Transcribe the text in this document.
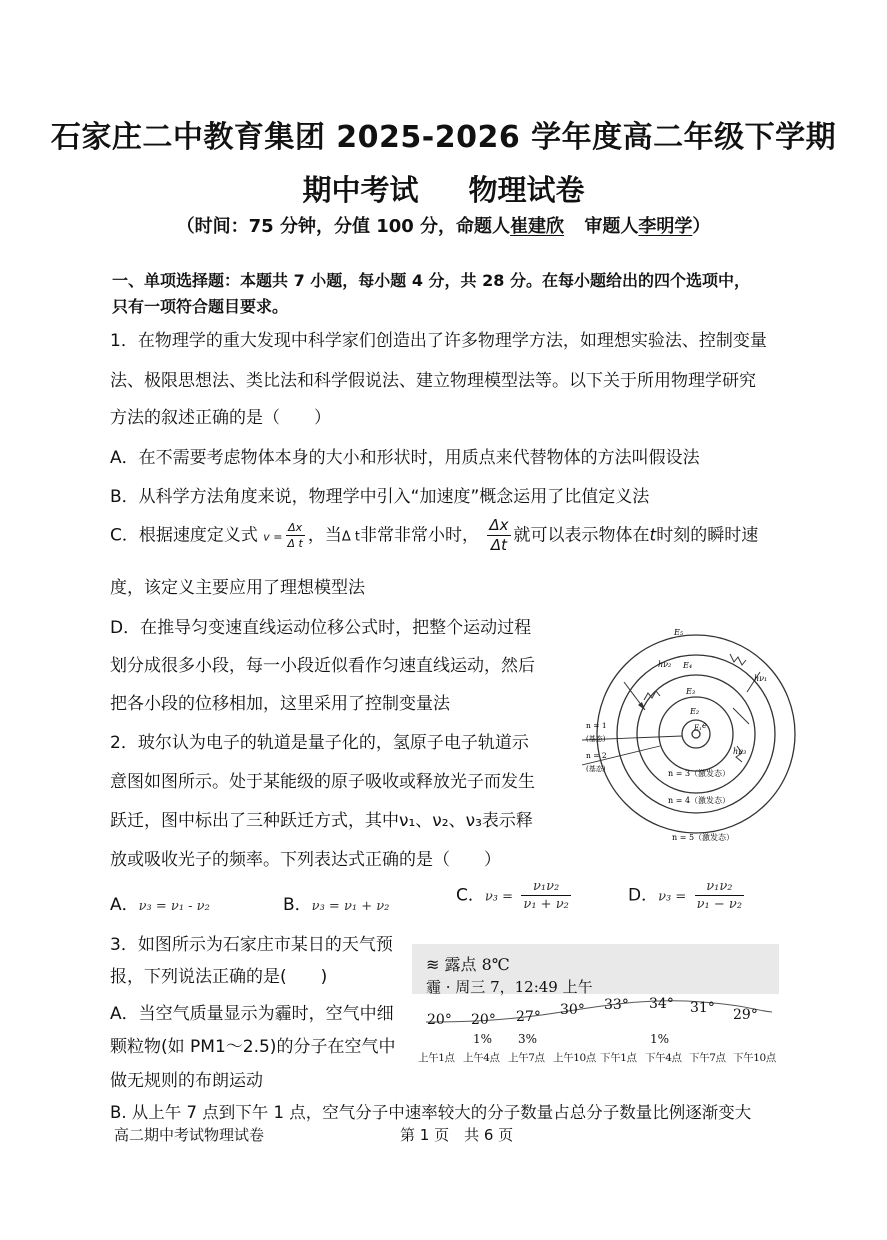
石家庄二中教育集团 2025-2026 学年度高二年级下学期
期中考试 物理试卷
（时间：75 分钟，分值 100 分，命题人崔建欣 审题人李明学）
一、单项选择题：本题共 7 小题，每小题 4 分，共 28 分。在每小题给出的四个选项中，
只有一项符合题目要求。
1．在物理学的重大发现中科学家们创造出了许多物理学方法，如理想实验法、控制变量
法、极限思想法、类比法和科学假说法、建立物理模型法等。以下关于所用物理学研究
方法的叙述正确的是（　　）
A．在不需要考虑物体本身的大小和形状时，用质点来代替物体的方法叫假设法
B．从科学方法角度来说，物理学中引入“加速度”概念运用了比值定义法
C．根据速度定义式 $v = \frac{\Delta x}{\text{Δ t}}$ ，当Δ t非常非常小时， $\frac{\Delta x}{\Delta t}$ 就可以表示物体在t时刻的瞬时速
度，该定义主要应用了理想模型法
D．在推导匀变速直线运动位移公式时，把整个运动过程
划分成很多小段，每一小段近似看作匀速直线运动，然后
把各小段的位移相加，这里采用了控制变量法
2．玻尔认为电子的轨道是量子化的，氢原子电子轨道示
意图如图所示。处于某能级的原子吸收或释放光子而发生
跃迁，图中标出了三种跃迁方式，其中ν₁、ν₂、ν₃表示释
放或吸收光子的频率。下列表达式正确的是（　　）
e
E₅
E₄
E₃
E₂
E₁
hν₂
hν₁
hν₃
n = 1
(基态)
n = 2
(基态)	n = 3（激发态）
n = 4（激发态）
n = 5（激发态）
A．ν₃ = ν₁ - ν₂	B．ν₃ = ν₁ + ν₂
C．$\nu_3 = \frac{\text{ν₁ν₂}}{\text{ν₁ + ν₂}}$	D．$\nu_3 = \frac{\text{ν₁ν₂}}{\text{ν₁ − ν₂}}$
3．如图所示为石家庄市某日的天气预
报，下列说法正确的是(　　)
A．当空气质量显示为霾时，空气中细
颗粒物(如 PM1～2.5)的分子在空气中
做无规则的布朗运动
B. 从上午 7 点到下午 1 点，空气分子中速率较大的分子数量占总分子数量比例逐渐变大
≋ 露点 8℃
霾 · 周三 7，12:49 上午
20° 20° 27° 30° 33° 34° 31° 29°
1% 3%	1%
上午1点 上午4点 上午7点 上午10点 下午1点 下午4点 下午7点 下午10点
高二期中考试物理试卷	第 1 页　共 6 页
